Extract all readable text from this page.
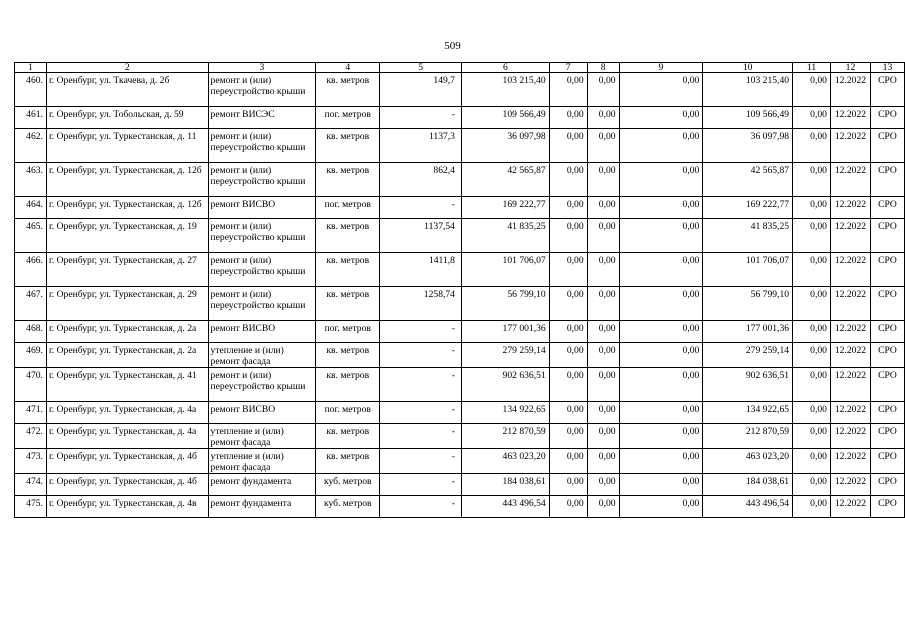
509
1	2	3	4	5	6	7	8	9	10	11	12	13
460.	г. Оренбург, ул. Ткачева, д. 2б	ремонт и (или) переустройство крыши	кв. метров	149,7	103 215,40	0,00	0,00	0,00	103 215,40	0,00	12.2022	СРО
461.	г. Оренбург, ул. Тобольская, д. 59	ремонт ВИСЭС	пог. метров	-	109 566,49	0,00	0,00	0,00	109 566,49	0,00	12.2022	СРО
462.	г. Оренбург, ул. Туркестанская, д. 11	ремонт и (или) переустройство крыши	кв. метров	1137,3	36 097,98	0,00	0,00	0,00	36 097,98	0,00	12.2022	СРО
463.	г. Оренбург, ул. Туркестанская, д. 12б	ремонт и (или) переустройство крыши	кв. метров	862,4	42 565,87	0,00	0,00	0,00	42 565,87	0,00	12.2022	СРО
464.	г. Оренбург, ул. Туркестанская, д. 12б	ремонт ВИСВО	пог. метров	-	169 222,77	0,00	0,00	0,00	169 222,77	0,00	12.2022	СРО
465.	г. Оренбург, ул. Туркестанская, д. 19	ремонт и (или) переустройство крыши	кв. метров	1137,54	41 835,25	0,00	0,00	0,00	41 835,25	0,00	12.2022	СРО
466.	г. Оренбург, ул. Туркестанская, д. 27	ремонт и (или) переустройство крыши	кв. метров	1411,8	101 706,07	0,00	0,00	0,00	101 706,07	0,00	12.2022	СРО
467.	г. Оренбург, ул. Туркестанская, д. 29	ремонт и (или) переустройство крыши	кв. метров	1258,74	56 799,10	0,00	0,00	0,00	56 799,10	0,00	12.2022	СРО
468.	г. Оренбург, ул. Туркестанская, д. 2а	ремонт ВИСВО	пог. метров	-	177 001,36	0,00	0,00	0,00	177 001,36	0,00	12.2022	СРО
469.	г. Оренбург, ул. Туркестанская, д. 2а	утепление и (или) ремонт фасада	кв. метров	-	279 259,14	0,00	0,00	0,00	279 259,14	0,00	12.2022	СРО
470.	г. Оренбург, ул. Туркестанская, д. 41	ремонт и (или) переустройство крыши	кв. метров	-	902 636,51	0,00	0,00	0,00	902 636,51	0,00	12.2022	СРО
471.	г. Оренбург, ул. Туркестанская, д. 4а	ремонт ВИСВО	пог. метров	-	134 922,65	0,00	0,00	0,00	134 922,65	0,00	12.2022	СРО
472.	г. Оренбург, ул. Туркестанская, д. 4а	утепление и (или) ремонт фасада	кв. метров	-	212 870,59	0,00	0,00	0,00	212 870,59	0,00	12.2022	СРО
473.	г. Оренбург, ул. Туркестанская, д. 4б	утепление и (или) ремонт фасада	кв. метров	-	463 023,20	0,00	0,00	0,00	463 023,20	0,00	12.2022	СРО
474.	г. Оренбург, ул. Туркестанская, д. 4б	ремонт фундамента	куб. метров	-	184 038,61	0,00	0,00	0,00	184 038,61	0,00	12.2022	СРО
475.	г. Оренбург, ул. Туркестанская, д. 4в	ремонт фундамента	куб. метров	-	443 496,54	0,00	0,00	0,00	443 496,54	0,00	12.2022	СРО
